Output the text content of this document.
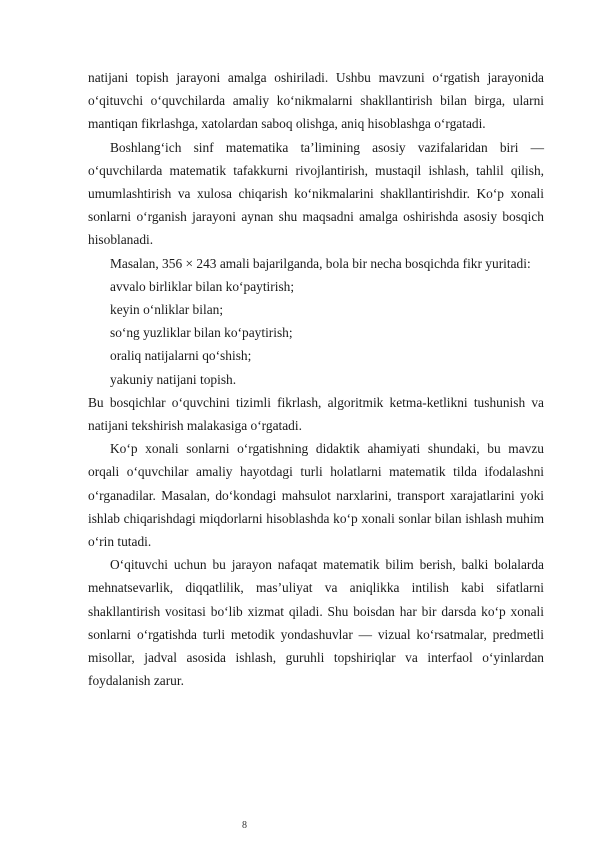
natijani topish jarayoni amalga oshiriladi. Ushbu mavzuni o‘rgatish jarayonida o‘qituvchi o‘quvchilarda amaliy ko‘nikmalarni shakllantirish bilan birga, ularni mantiqan fikrlashga, xatolardan saboq olishga, aniq hisoblashga o‘rgatadi.

Boshlang‘ich sinf matematika ta’limining asosiy vazifalaridan biri — o‘quvchilarda matematik tafakkurni rivojlantirish, mustaqil ishlash, tahlil qilish, umumlashtirish va xulosa chiqarish ko‘nikmalarini shakllantirishdir. Ko‘p xonali sonlarni o‘rganish jarayoni aynan shu maqsadni amalga oshirishda asosiy bosqich hisoblanadi.

Masalan, 356 × 243 amali bajarilganda, bola bir necha bosqichda fikr yuritadi:

avvalo birliklar bilan ko‘paytirish;

keyin o‘nliklar bilan;

so‘ng yuzliklar bilan ko‘paytirish;

oraliq natijalarni qo‘shish;

yakuniy natijani topish.

Bu bosqichlar o‘quvchini tizimli fikrlash, algoritmik ketma-ketlikni tushunish va natijani tekshirish malakasiga o‘rgatadi.

Ko‘p xonali sonlarni o‘rgatishning didaktik ahamiyati shundaki, bu mavzu orqali o‘quvchilar amaliy hayotdagi turli holatlarni matematik tilda ifodalashni o‘rganadilar. Masalan, do‘kondagi mahsulot narxlarini, transport xarajatlarini yoki ishlab chiqarishdagi miqdorlarni hisoblashda ko‘p xonali sonlar bilan ishlash muhim o‘rin tutadi.

O‘qituvchi uchun bu jarayon nafaqat matematik bilim berish, balki bolalarda mehnatsevarlik, diqqatlilik, mas’uliyat va aniqlikka intilish kabi sifatlarni shakllantirish vositasi bo‘lib xizmat qiladi. Shu boisdan har bir darsda ko‘p xonali sonlarni o‘rgatishda turli metodik yondashuvlar — vizual ko‘rsatmalar, predmetli misollar, jadval asosida ishlash, guruhli topshiriqlar va interfaol o‘yinlardan foydalanish zarur.

8
